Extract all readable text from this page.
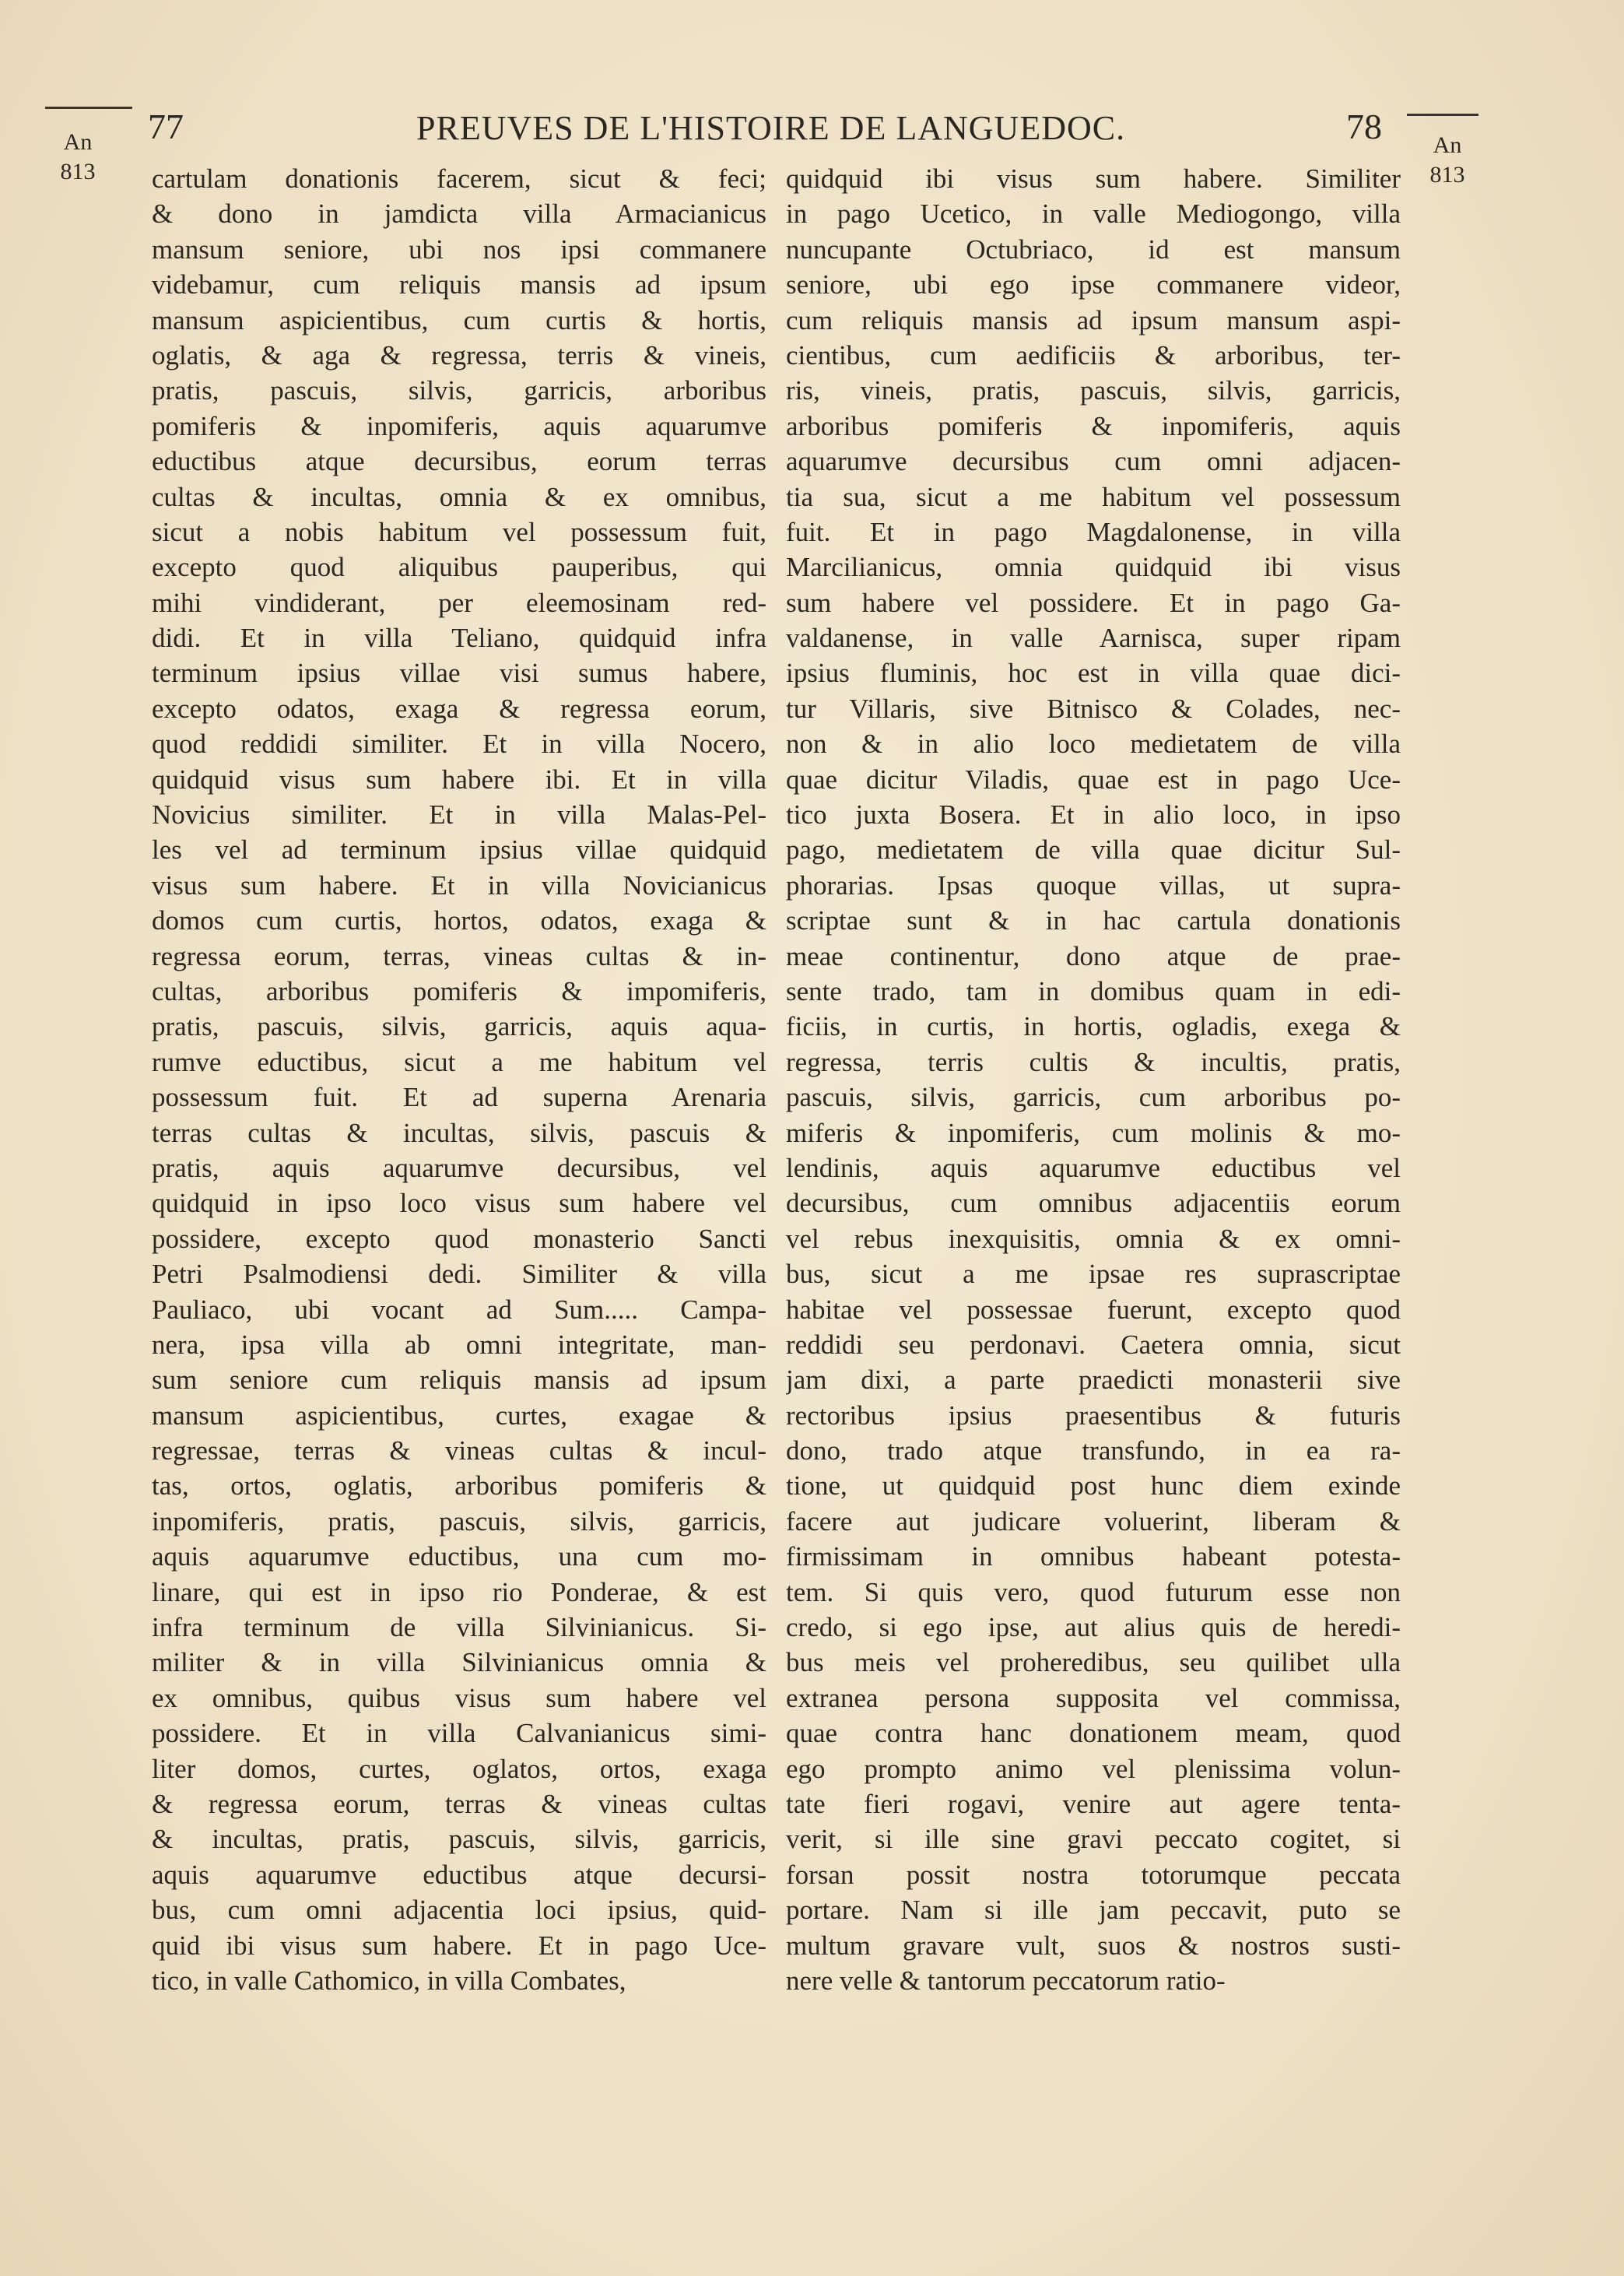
An
813
An
813
77	PREUVES DE L'HISTOIRE DE LANGUEDOC.	78
cartulam donationis facerem, sicut & feci;
& dono in jamdicta villa Armacianicus
mansum seniore, ubi nos ipsi commanere
videbamur, cum reliquis mansis ad ipsum
mansum aspicientibus, cum curtis & hortis,
oglatis, & aga & regressa, terris & vineis,
pratis, pascuis, silvis, garricis, arboribus
pomiferis & inpomiferis, aquis aquarumve
eductibus atque decursibus, eorum terras
cultas & incultas, omnia & ex omnibus,
sicut a nobis habitum vel possessum fuit,
excepto quod aliquibus pauperibus, qui
mihi vindiderant, per eleemosinam red-
didi. Et in villa Teliano, quidquid infra
terminum ipsius villae visi sumus habere,
excepto odatos, exaga & regressa eorum,
quod reddidi similiter. Et in villa Nocero,
quidquid visus sum habere ibi. Et in villa
Novicius similiter. Et in villa Malas-Pel-
les vel ad terminum ipsius villae quidquid
visus sum habere. Et in villa Novicianicus
domos cum curtis, hortos, odatos, exaga &
regressa eorum, terras, vineas cultas & in-
cultas, arboribus pomiferis & impomiferis,
pratis, pascuis, silvis, garricis, aquis aqua-
rumve eductibus, sicut a me habitum vel
possessum fuit. Et ad superna Arenaria
terras cultas & incultas, silvis, pascuis &
pratis, aquis aquarumve decursibus, vel
quidquid in ipso loco visus sum habere vel
possidere, excepto quod monasterio Sancti
Petri Psalmodiensi dedi. Similiter & villa
Pauliaco, ubi vocant ad Sum..... Campa-
nera, ipsa villa ab omni integritate, man-
sum seniore cum reliquis mansis ad ipsum
mansum aspicientibus, curtes, exagae &
regressae, terras & vineas cultas & incul-
tas, ortos, oglatis, arboribus pomiferis &
inpomiferis, pratis, pascuis, silvis, garricis,
aquis aquarumve eductibus, una cum mo-
linare, qui est in ipso rio Ponderae, & est
infra terminum de villa Silvinianicus. Si-
militer & in villa Silvinianicus omnia &
ex omnibus, quibus visus sum habere vel
possidere. Et in villa Calvanianicus simi-
liter domos, curtes, oglatos, ortos, exaga
& regressa eorum, terras & vineas cultas
& incultas, pratis, pascuis, silvis, garricis,
aquis aquarumve eductibus atque decursi-
bus, cum omni adjacentia loci ipsius, quid-
quid ibi visus sum habere. Et in pago Uce-
tico, in valle Cathomico, in villa Combates,
quidquid ibi visus sum habere. Similiter
in pago Ucetico, in valle Mediogongo, villa
nuncupante Octubriaco, id est mansum
seniore, ubi ego ipse commanere videor,
cum reliquis mansis ad ipsum mansum aspi-
cientibus, cum aedificiis & arboribus, ter-
ris, vineis, pratis, pascuis, silvis, garricis,
arboribus pomiferis & inpomiferis, aquis
aquarumve decursibus cum omni adjacen-
tia sua, sicut a me habitum vel possessum
fuit. Et in pago Magdalonense, in villa
Marcilianicus, omnia quidquid ibi visus
sum habere vel possidere. Et in pago Ga-
valdanense, in valle Aarnisca, super ripam
ipsius fluminis, hoc est in villa quae dici-
tur Villaris, sive Bitnisco & Colades, nec-
non & in alio loco medietatem de villa
quae dicitur Viladis, quae est in pago Uce-
tico juxta Bosera. Et in alio loco, in ipso
pago, medietatem de villa quae dicitur Sul-
phorarias. Ipsas quoque villas, ut supra-
scriptae sunt & in hac cartula donationis
meae continentur, dono atque de prae-
sente trado, tam in domibus quam in edi-
ficiis, in curtis, in hortis, ogladis, exega &
regressa, terris cultis & incultis, pratis,
pascuis, silvis, garricis, cum arboribus po-
miferis & inpomiferis, cum molinis & mo-
lendinis, aquis aquarumve eductibus vel
decursibus, cum omnibus adjacentiis eorum
vel rebus inexquisitis, omnia & ex omni-
bus, sicut a me ipsae res suprascriptae
habitae vel possessae fuerunt, excepto quod
reddidi seu perdonavi. Caetera omnia, sicut
jam dixi, a parte praedicti monasterii sive
rectoribus ipsius praesentibus & futuris
dono, trado atque transfundo, in ea ra-
tione, ut quidquid post hunc diem exinde
facere aut judicare voluerint, liberam &
firmissimam in omnibus habeant potesta-
tem. Si quis vero, quod futurum esse non
credo, si ego ipse, aut alius quis de heredi-
bus meis vel proheredibus, seu quilibet ulla
extranea persona supposita vel commissa,
quae contra hanc donationem meam, quod
ego prompto animo vel plenissima volun-
tate fieri rogavi, venire aut agere tenta-
verit, si ille sine gravi peccato cogitet, si
forsan possit nostra totorumque peccata
portare. Nam si ille jam peccavit, puto se
multum gravare vult, suos & nostros susti-
nere velle & tantorum peccatorum ratio-
